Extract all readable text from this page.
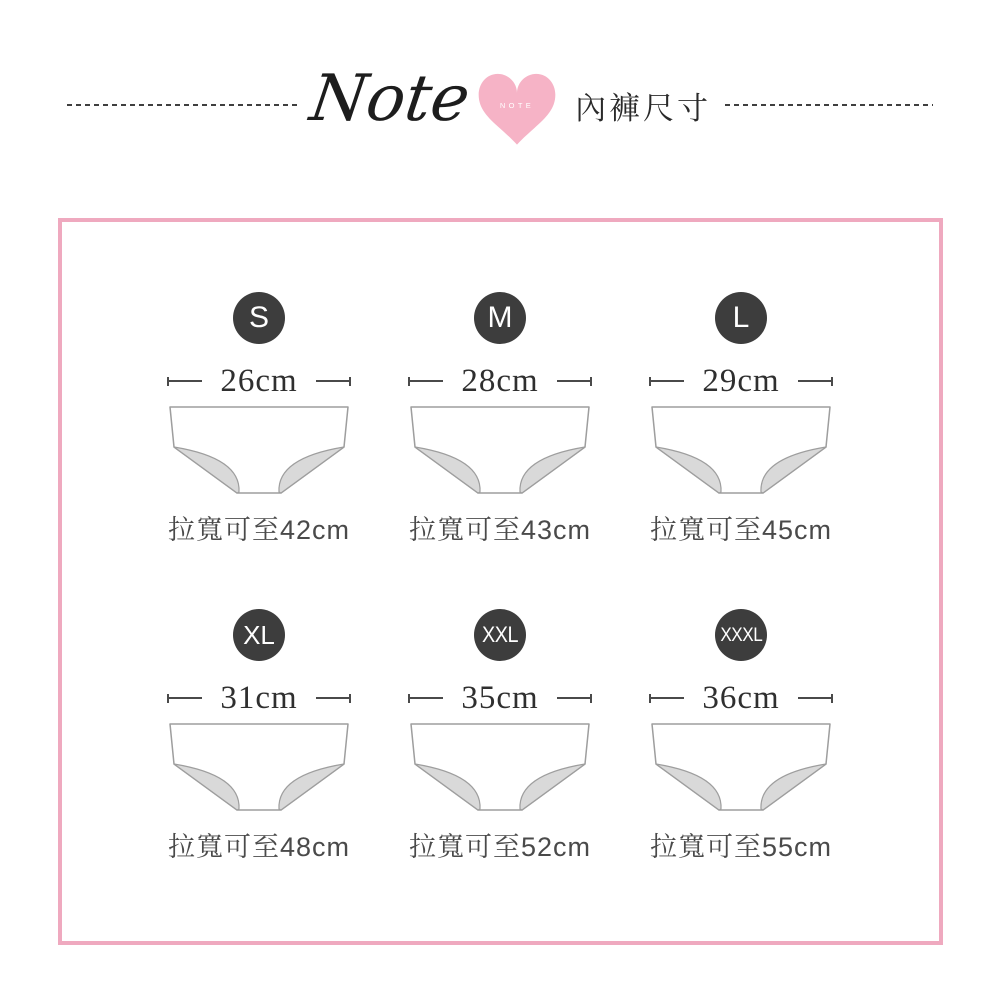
Note	NOTE 內褲尺寸
S
26cm
拉寬可至42cm
M
28cm
拉寬可至43cm
L
29cm
拉寬可至45cm
XL
31cm
拉寬可至48cm
XXL
35cm
拉寬可至52cm
XXXL
36cm
拉寬可至55cm
